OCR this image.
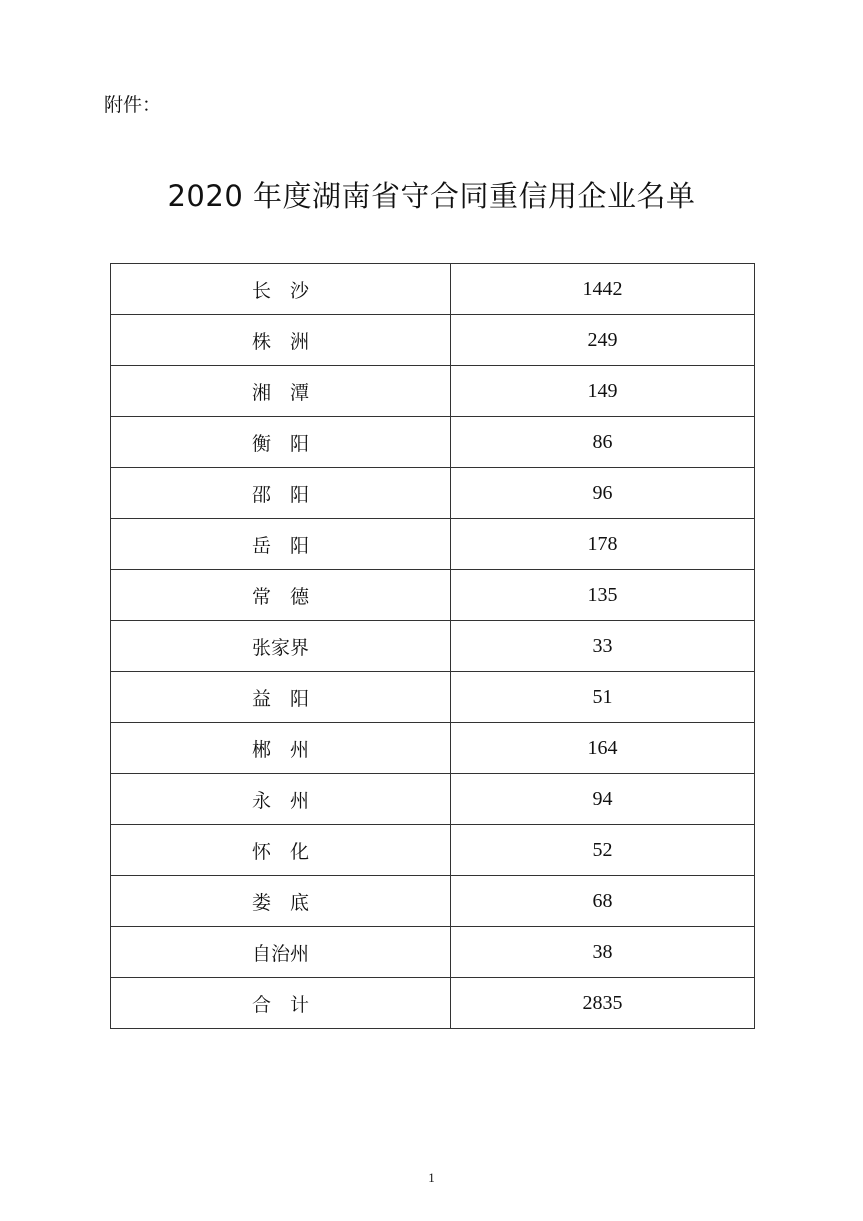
附件：
2020 年度湖南省守合同重信用企业名单
长　沙	1442
株　洲	249
湘　潭	149
衡　阳	86
邵　阳	96
岳　阳	178
常　德	135
张家界	33
益　阳	51
郴　州	164
永　州	94
怀　化	52
娄　底	68
自治州	38
合　计	2835
1
